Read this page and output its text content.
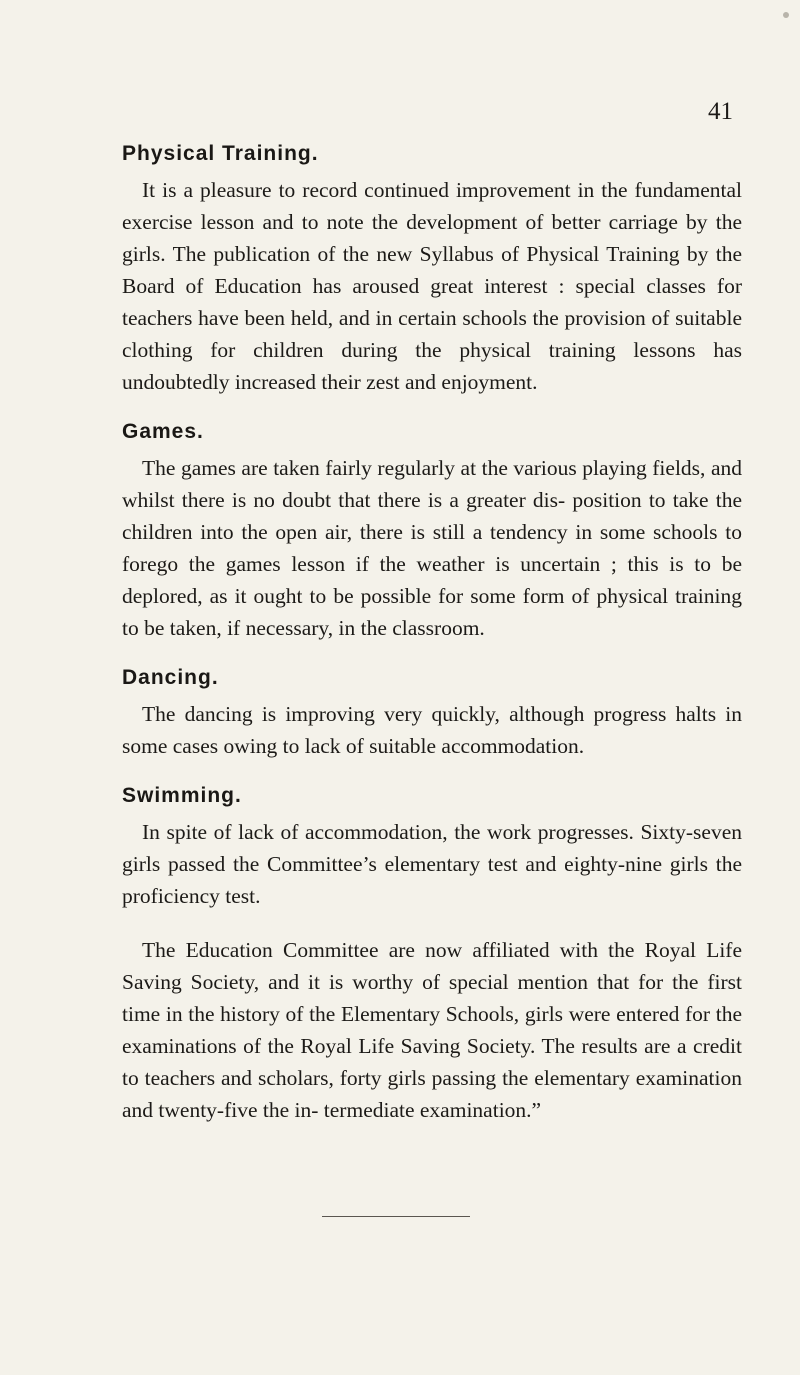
41
Physical Training.

It is a pleasure to record continued improvement in the fundamental exercise lesson and to note the development of better carriage by the girls. The publication of the new Syllabus of Physical Training by the Board of Education has aroused great interest : special classes for teachers have been held, and in certain schools the provision of suitable clothing for children during the physical training lessons has undoubtedly increased their zest and enjoyment.

Games.

The games are taken fairly regularly at the various playing fields, and whilst there is no doubt that there is a greater dis- position to take the children into the open air, there is still a tendency in some schools to forego the games lesson if the weather is uncertain ; this is to be deplored, as it ought to be possible for some form of physical training to be taken, if necessary, in the classroom.

Dancing.

The dancing is improving very quickly, although progress halts in some cases owing to lack of suitable accommodation.

Swimming.

In spite of lack of accommodation, the work progresses. Sixty-seven girls passed the Committee’s elementary test and eighty-nine girls the proficiency test.

The Education Committee are now affiliated with the Royal Life Saving Society, and it is worthy of special mention that for the first time in the history of the Elementary Schools, girls were entered for the examinations of the Royal Life Saving Society. The results are a credit to teachers and scholars, forty girls passing the elementary examination and twenty-five the in- termediate examination.”
